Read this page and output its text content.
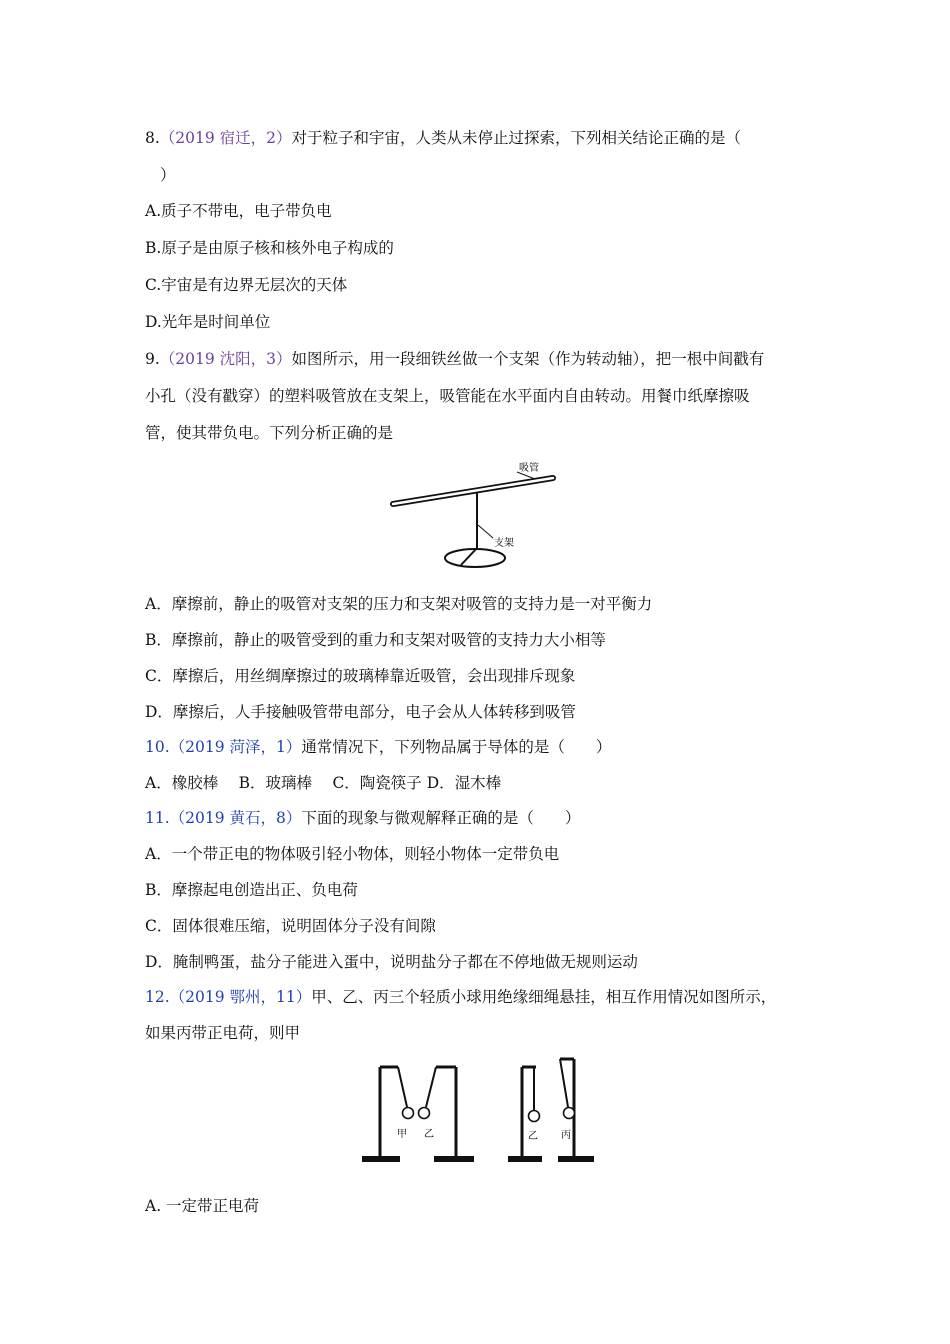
8.（2019 宿迁，2）对于粒子和宇宙，人类从未停止过探索，下列相关结论正确的是（
）
A.质子不带电，电子带负电
B.原子是由原子核和核外电子构成的
C.宇宙是有边界无层次的天体
D.光年是时间单位
9.（2019 沈阳，3）如图所示，用一段细铁丝做一个支架（作为转动轴），把一根中间戳有
小孔（没有戳穿）的塑料吸管放在支架上，吸管能在水平面内自由转动。用餐巾纸摩擦吸
管，使其带负电。下列分析正确的是
吸管
支架
A．摩擦前，静止的吸管对支架的压力和支架对吸管的支持力是一对平衡力
B．摩擦前，静止的吸管受到的重力和支架对吸管的支持力大小相等
C．摩擦后，用丝绸摩擦过的玻璃棒靠近吸管，会出现排斥现象
D．摩擦后，人手接触吸管带电部分，电子会从人体转移到吸管
10.（2019 菏泽，1）通常情况下，下列物品属于导体的是（　　）
A．橡胶棒　 B．玻璃棒　 C．陶瓷筷子 D．湿木棒
11.（2019 黄石，8）下面的现象与微观解释正确的是（　　）
A．一个带正电的物体吸引轻小物体，则轻小物体一定带负电
B．摩擦起电创造出正、负电荷
C．固体很难压缩，说明固体分子没有间隙
D．腌制鸭蛋，盐分子能进入蛋中，说明盐分子都在不停地做无规则运动
12.（2019 鄂州，11）甲、乙、丙三个轻质小球用绝缘细绳悬挂，相互作用情况如图所示，
如果丙带正电荷，则甲
甲 乙	乙 丙
A. 一定带正电荷
